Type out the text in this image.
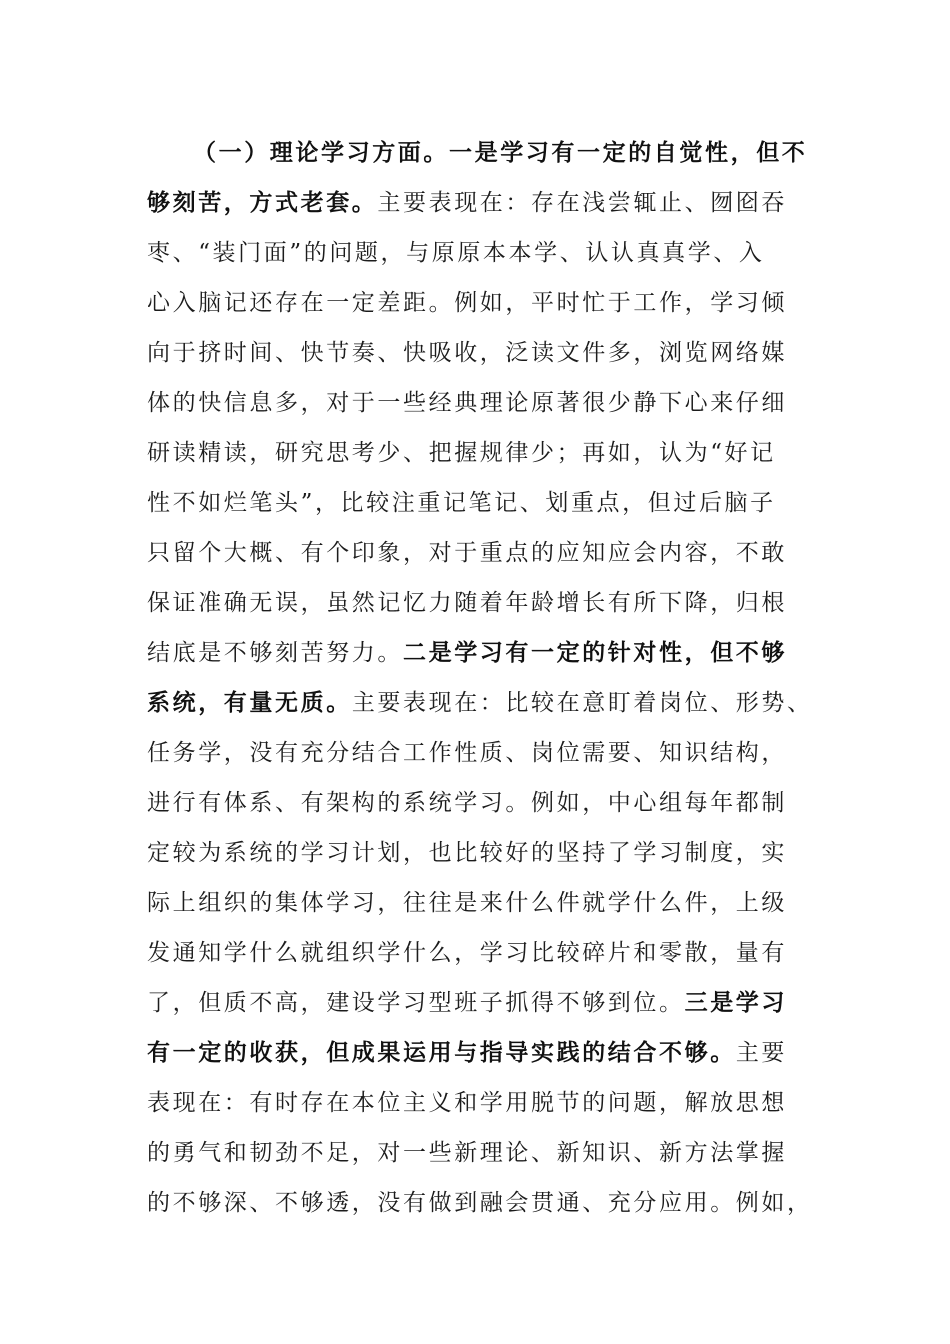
（一）理论学习方面。一是学习有一定的自觉性，但不
够刻苦，方式老套。主要表现在：存在浅尝辄止、囫囵吞
枣、“装门面”的问题，与原原本本学、认认真真学、入
心入脑记还存在一定差距。例如，平时忙于工作，学习倾
向于挤时间、快节奏、快吸收，泛读文件多，浏览网络媒
体的快信息多，对于一些经典理论原著很少静下心来仔细
研读精读，研究思考少、把握规律少；再如，认为“好记
性不如烂笔头”，比较注重记笔记、划重点，但过后脑子
只留个大概、有个印象，对于重点的应知应会内容，不敢
保证准确无误，虽然记忆力随着年龄增长有所下降，归根
结底是不够刻苦努力。二是学习有一定的针对性，但不够
系统，有量无质。主要表现在：比较在意盯着岗位、形势、
任务学，没有充分结合工作性质、岗位需要、知识结构，
进行有体系、有架构的系统学习。例如，中心组每年都制
定较为系统的学习计划，也比较好的坚持了学习制度，实
际上组织的集体学习，往往是来什么件就学什么件，上级
发通知学什么就组织学什么，学习比较碎片和零散，量有
了，但质不高，建设学习型班子抓得不够到位。三是学习
有一定的收获，但成果运用与指导实践的结合不够。主要
表现在：有时存在本位主义和学用脱节的问题，解放思想
的勇气和韧劲不足，对一些新理论、新知识、新方法掌握
的不够深、不够透，没有做到融会贯通、充分应用。例如，
